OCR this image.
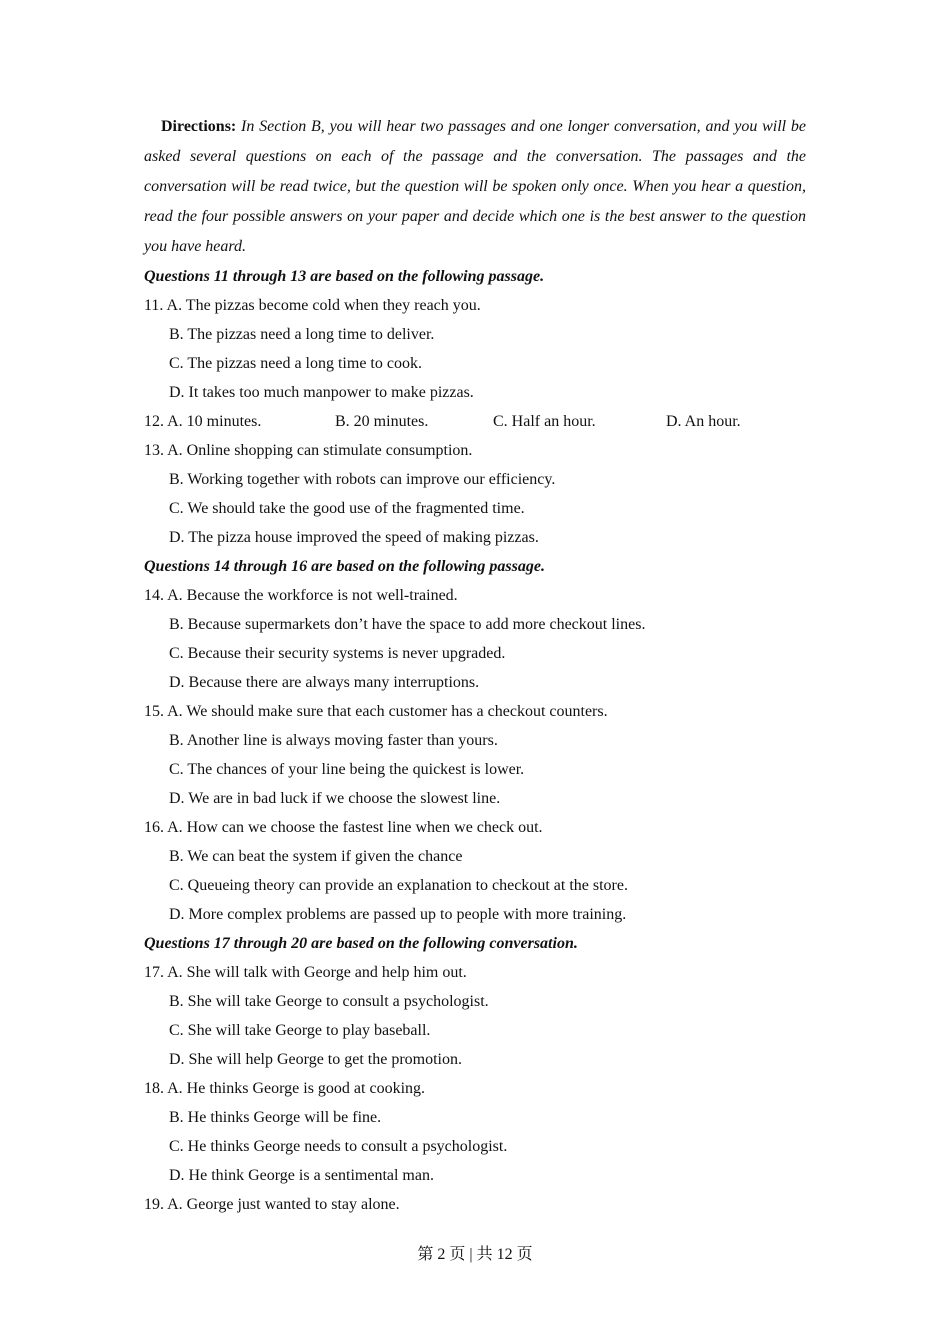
Directions: In Section B, you will hear two passages and one longer conversation, and you will be asked several questions on each of the passage and the conversation. The passages and the conversation will be read twice, but the question will be spoken only once. When you hear a question, read the four possible answers on your paper and decide which one is the best answer to the question you have heard.

Questions 11 through 13 are based on the following passage.
11. A. The pizzas become cold when they reach you.
B. The pizzas need a long time to deliver.
C. The pizzas need a long time to cook.
D. It takes too much manpower to make pizzas.
12. A. 10 minutes.	B. 20 minutes.	C. Half an hour.	D. An hour.
13. A. Online shopping can stimulate consumption.
B. Working together with robots can improve our efficiency.
C. We should take the good use of the fragmented time.
D. The pizza house improved the speed of making pizzas.
Questions 14 through 16 are based on the following passage.
14. A. Because the workforce is not well-trained.
B. Because supermarkets don’t have the space to add more checkout lines.
C. Because their security systems is never upgraded.
D. Because there are always many interruptions.
15. A. We should make sure that each customer has a checkout counters.
B. Another line is always moving faster than yours.
C. The chances of your line being the quickest is lower.
D. We are in bad luck if we choose the slowest line.
16. A. How can we choose the fastest line when we check out.
B. We can beat the system if given the chance
C. Queueing theory can provide an explanation to checkout at the store.
D. More complex problems are passed up to people with more training.
Questions 17 through 20 are based on the following conversation.
17. A. She will talk with George and help him out.
B. She will take George to consult a psychologist.
C. She will take George to play baseball.
D. She will help George to get the promotion.
18. A. He thinks George is good at cooking.
B. He thinks George will be fine.
C. He thinks George needs to consult a psychologist.
D. He think George is a sentimental man.
19. A. George just wanted to stay alone.
第 2 页 | 共 12 页
